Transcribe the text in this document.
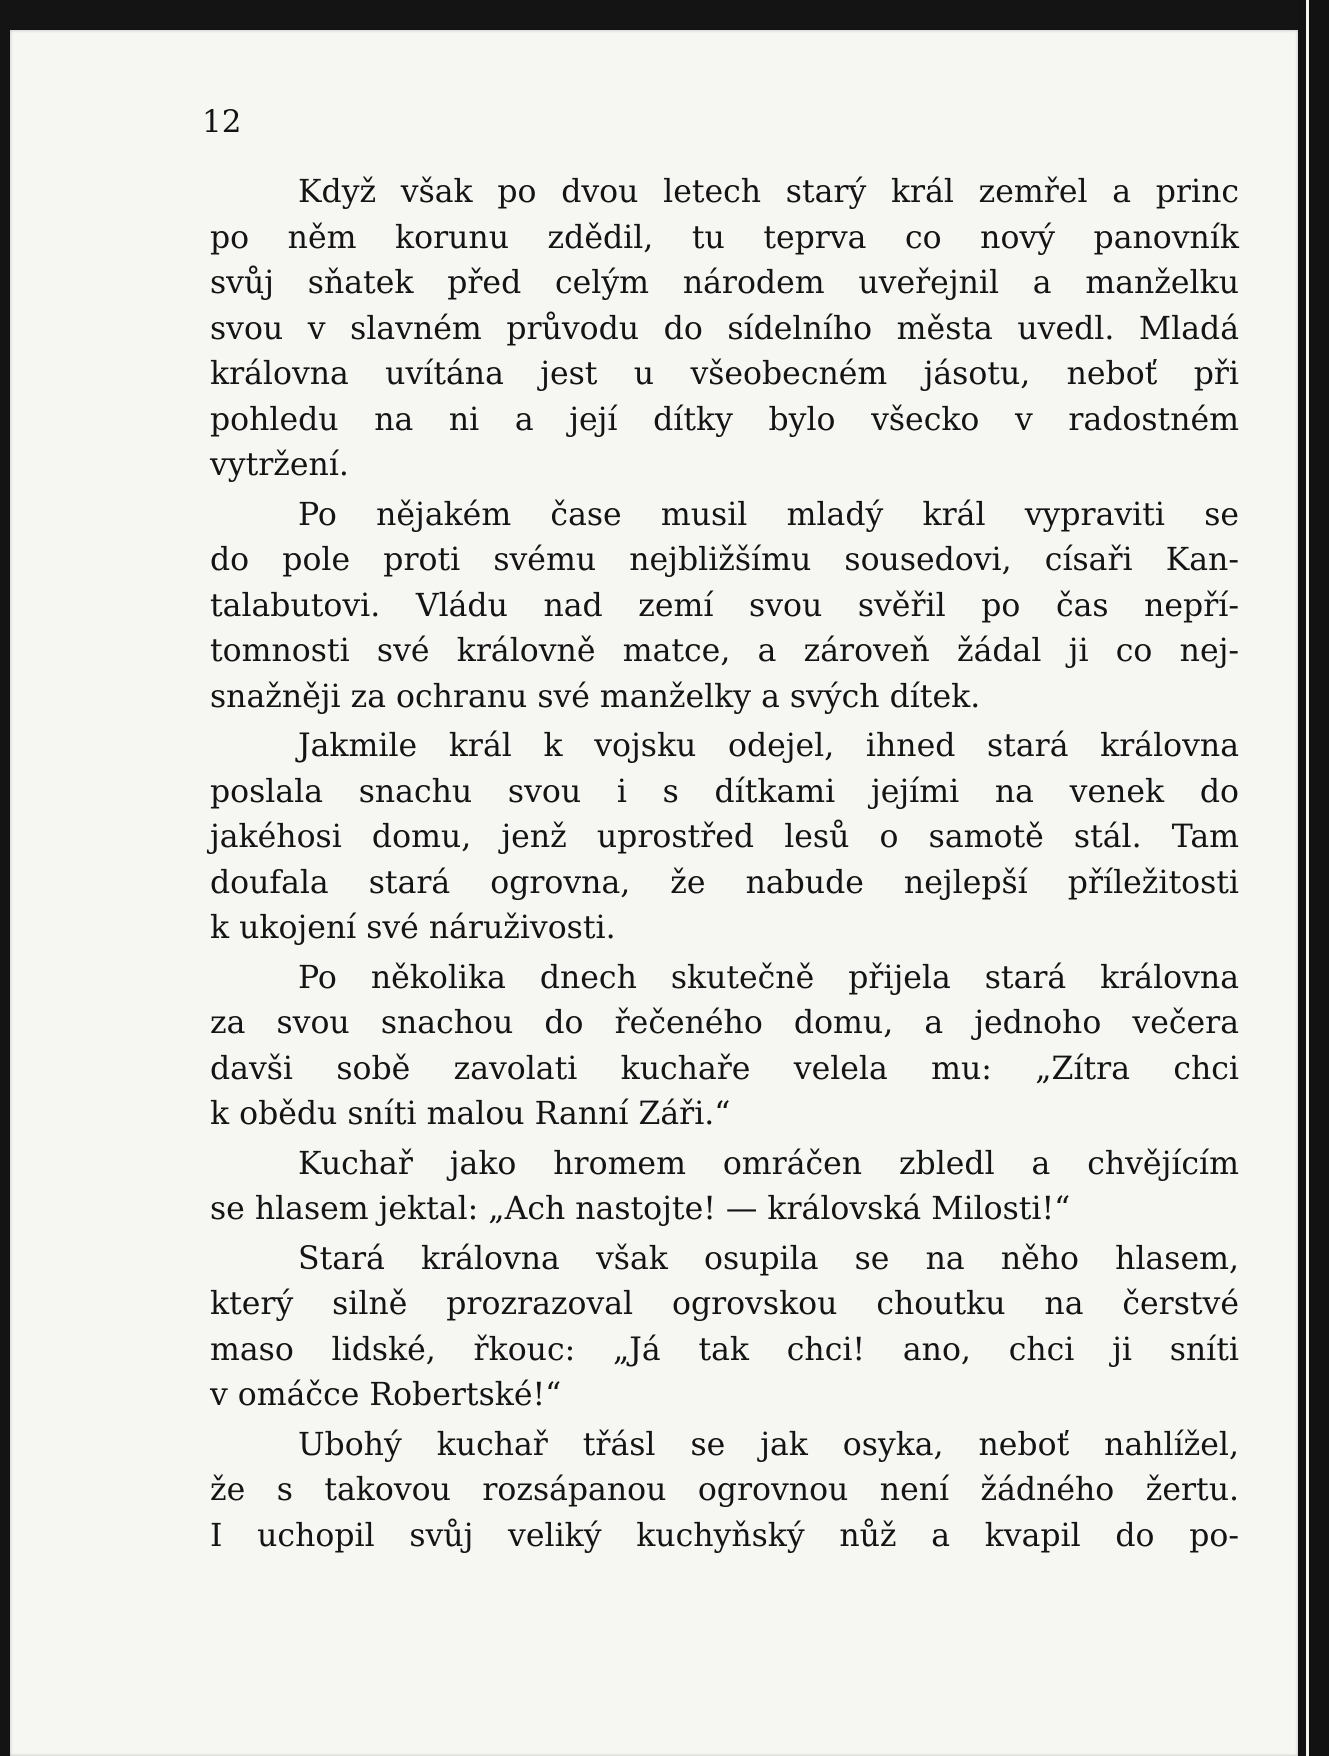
12
Když však po dvou letech starý král zemřel a princ
po něm korunu zdědil, tu teprva co nový panovník
svůj sňatek před celým národem uveřejnil a manželku
svou v slavném průvodu do sídelního města uvedl. Mladá
královna uvítána jest u všeobecném jásotu, neboť při
pohledu na ni a její dítky bylo všecko v radostném
vytržení.
Po nějakém čase musil mladý král vypraviti se
do pole proti svému nejbližšímu sousedovi, císaři Kan-
talabutovi. Vládu nad zemí svou svěřil po čas nepří-
tomnosti své královně matce, a zároveň žádal ji co nej-
snažněji za ochranu své manželky a svých dítek.
Jakmile král k vojsku odejel, ihned stará královna
poslala snachu svou i s dítkami jejími na venek do
jakéhosi domu, jenž uprostřed lesů o samotě stál. Tam
doufala stará ogrovna, že nabude nejlepší příležitosti
k ukojení své náruživosti.
Po několika dnech skutečně přijela stará královna
za svou snachou do řečeného domu, a jednoho večera
davši sobě zavolati kuchaře velela mu: „Zítra chci
k obědu sníti malou Ranní Záři.“
Kuchař jako hromem omráčen zbledl a chvějícím
se hlasem jektal: „Ach nastojte! — královská Milosti!“
Stará královna však osupila se na něho hlasem,
který silně prozrazoval ogrovskou choutku na čerstvé
maso lidské, řkouc: „Já tak chci! ano, chci ji sníti
v omáčce Robertské!“
Ubohý kuchař třásl se jak osyka, neboť nahlížel,
že s takovou rozsápanou ogrovnou není žádného žertu.
I uchopil svůj veliký kuchyňský nůž a kvapil do po-
